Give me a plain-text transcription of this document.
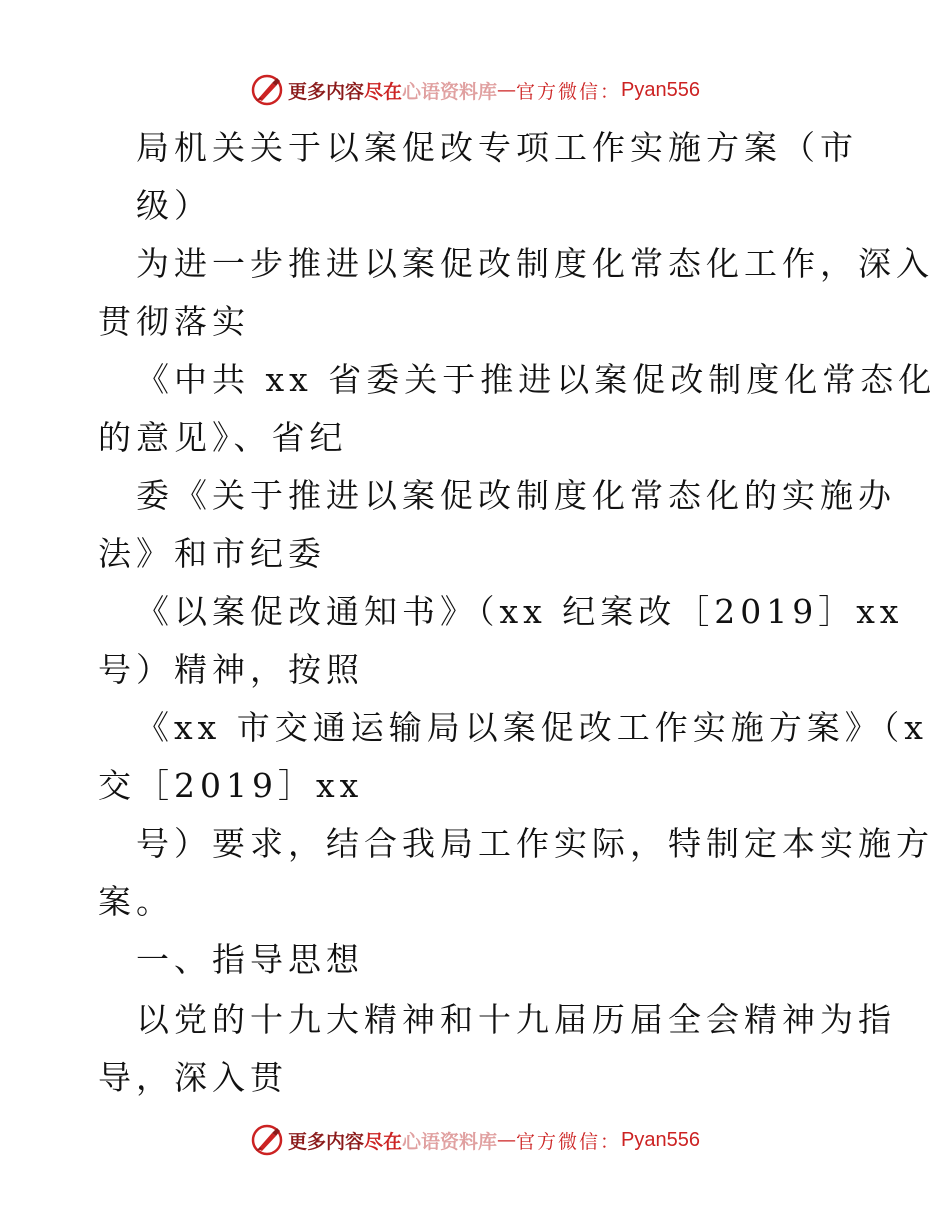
更多内容尽在心语资料库 — 官方微信： Pyan556
局机关关于以案促改专项工作实施方案（市
级）
为进一步推进以案促改制度化常态化工作，深入
贯彻落实
《中共 xx 省委关于推进以案促改制度化常态化
的意见》、省纪
委《关于推进以案促改制度化常态化的实施办
法》和市纪委
《以案促改通知书》（xx 纪案改［2019］xx
号）精神，按照
《xx 市交通运输局以案促改工作实施方案》（x
交［2019］xx
号）要求，结合我局工作实际，特制定本实施方
案。
一、指导思想
以党的十九大精神和十九届历届全会精神为指
导，深入贯
更多内容尽在心语资料库 — 官方微信： Pyan556
